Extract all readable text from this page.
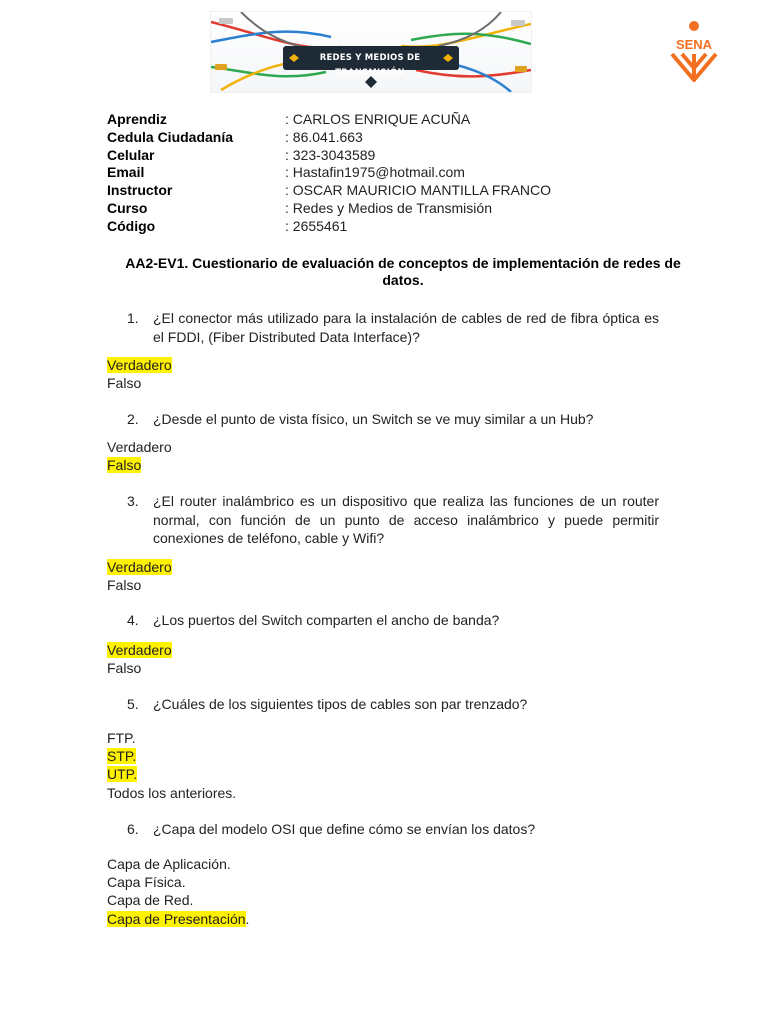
REDES Y MEDIOS DE TRANSMISIÓN
SENA
Aprendiz	: CARLOS ENRIQUE ACUÑA
Cedula Ciudadanía	: 86.041.663
Celular	: 323-3043589
Email	: Hastafin1975@hotmail.com
Instructor	: OSCAR MAURICIO MANTILLA FRANCO
Curso	: Redes y Medios de Transmisión
Código	: 2655461
AA2-EV1. Cuestionario de evaluación de conceptos de implementación de redes de datos.
1.	¿El conector más utilizado para la instalación de cables de red de fibra óptica es el FDDI, (Fiber Distributed Data Interface)?
Verdadero
Falso
2.	¿Desde el punto de vista físico, un Switch se ve muy similar a un Hub?
Verdadero
Falso
3.	¿El router inalámbrico es un dispositivo que realiza las funciones de un router normal, con función de un punto de acceso inalámbrico y puede permitir conexiones de teléfono, cable y Wifi?
Verdadero
Falso
4.	¿Los puertos del Switch comparten el ancho de banda?
Verdadero
Falso
5.	¿Cuáles de los siguientes tipos de cables son par trenzado?
FTP.
STP.
UTP.
Todos los anteriores.
6.	¿Capa del modelo OSI que define cómo se envían los datos?
Capa de Aplicación.
Capa Física.
Capa de Red.
Capa de Presentación.
